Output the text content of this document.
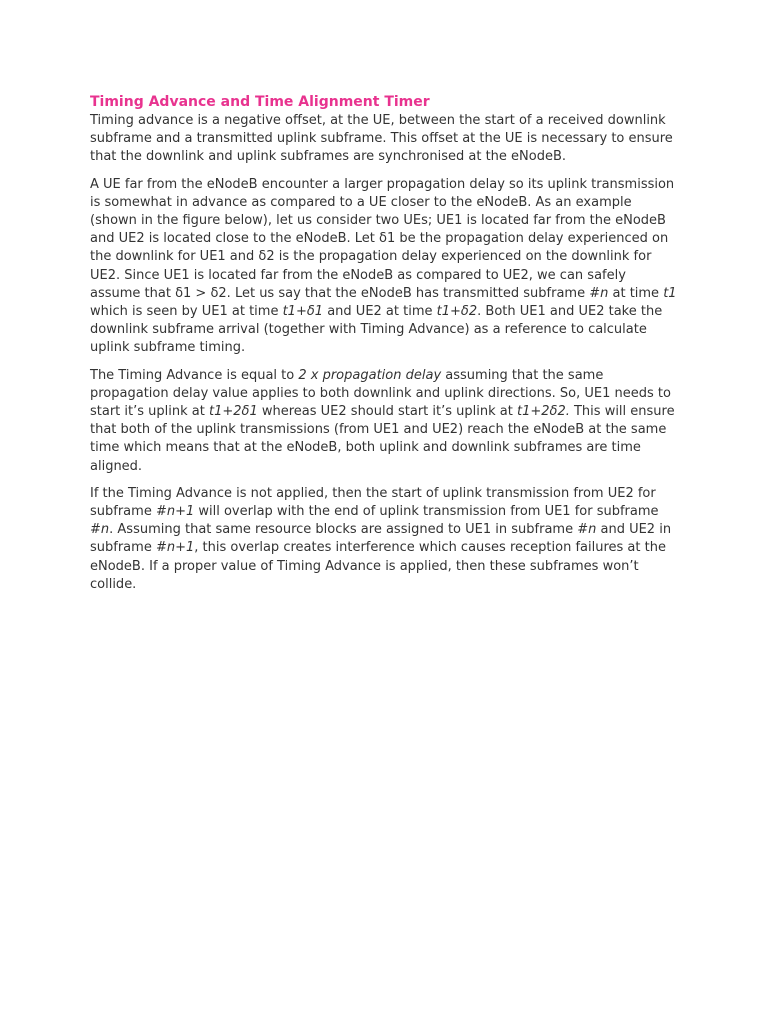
Timing Advance and Time Alignment Timer

Timing advance is a negative offset, at the UE, between the start of a received downlink subframe and a transmitted uplink subframe. This offset at the UE is necessary to ensure that the downlink and uplink subframes are synchronised at the eNodeB.

A UE far from the eNodeB encounter a larger propagation delay so its uplink transmission is somewhat in advance as compared to a UE closer to the eNodeB. As an example (shown in the figure below), let us consider two UEs; UE1 is located far from the eNodeB and UE2 is located close to the eNodeB. Let δ1 be the propagation delay experienced on the downlink for UE1 and δ2 is the propagation delay experienced on the downlink for UE2. Since UE1 is located far from the eNodeB as compared to UE2, we can safely assume that δ1 > δ2. Let us say that the eNodeB has transmitted subframe #n at time t1 which is seen by UE1 at time t1+δ1 and UE2 at time t1+δ2. Both UE1 and UE2 take the downlink subframe arrival (together with Timing Advance) as a reference to calculate uplink subframe timing.

The Timing Advance is equal to 2 x propagation delay assuming that the same propagation delay value applies to both downlink and uplink directions. So, UE1 needs to start it’s uplink at t1+2δ1 whereas UE2 should start it’s uplink at t1+2δ2. This will ensure that both of the uplink transmissions (from UE1 and UE2) reach the eNodeB at the same time which means that at the eNodeB, both uplink and downlink subframes are time aligned.

If the Timing Advance is not applied, then the start of uplink transmission from UE2 for subframe #n+1 will overlap with the end of uplink transmission from UE1 for subframe #n. Assuming that same resource blocks are assigned to UE1 in subframe #n and UE2 in subframe #n+1, this overlap creates interference which causes reception failures at the eNodeB. If a proper value of Timing Advance is applied, then these subframes won’t collide.
